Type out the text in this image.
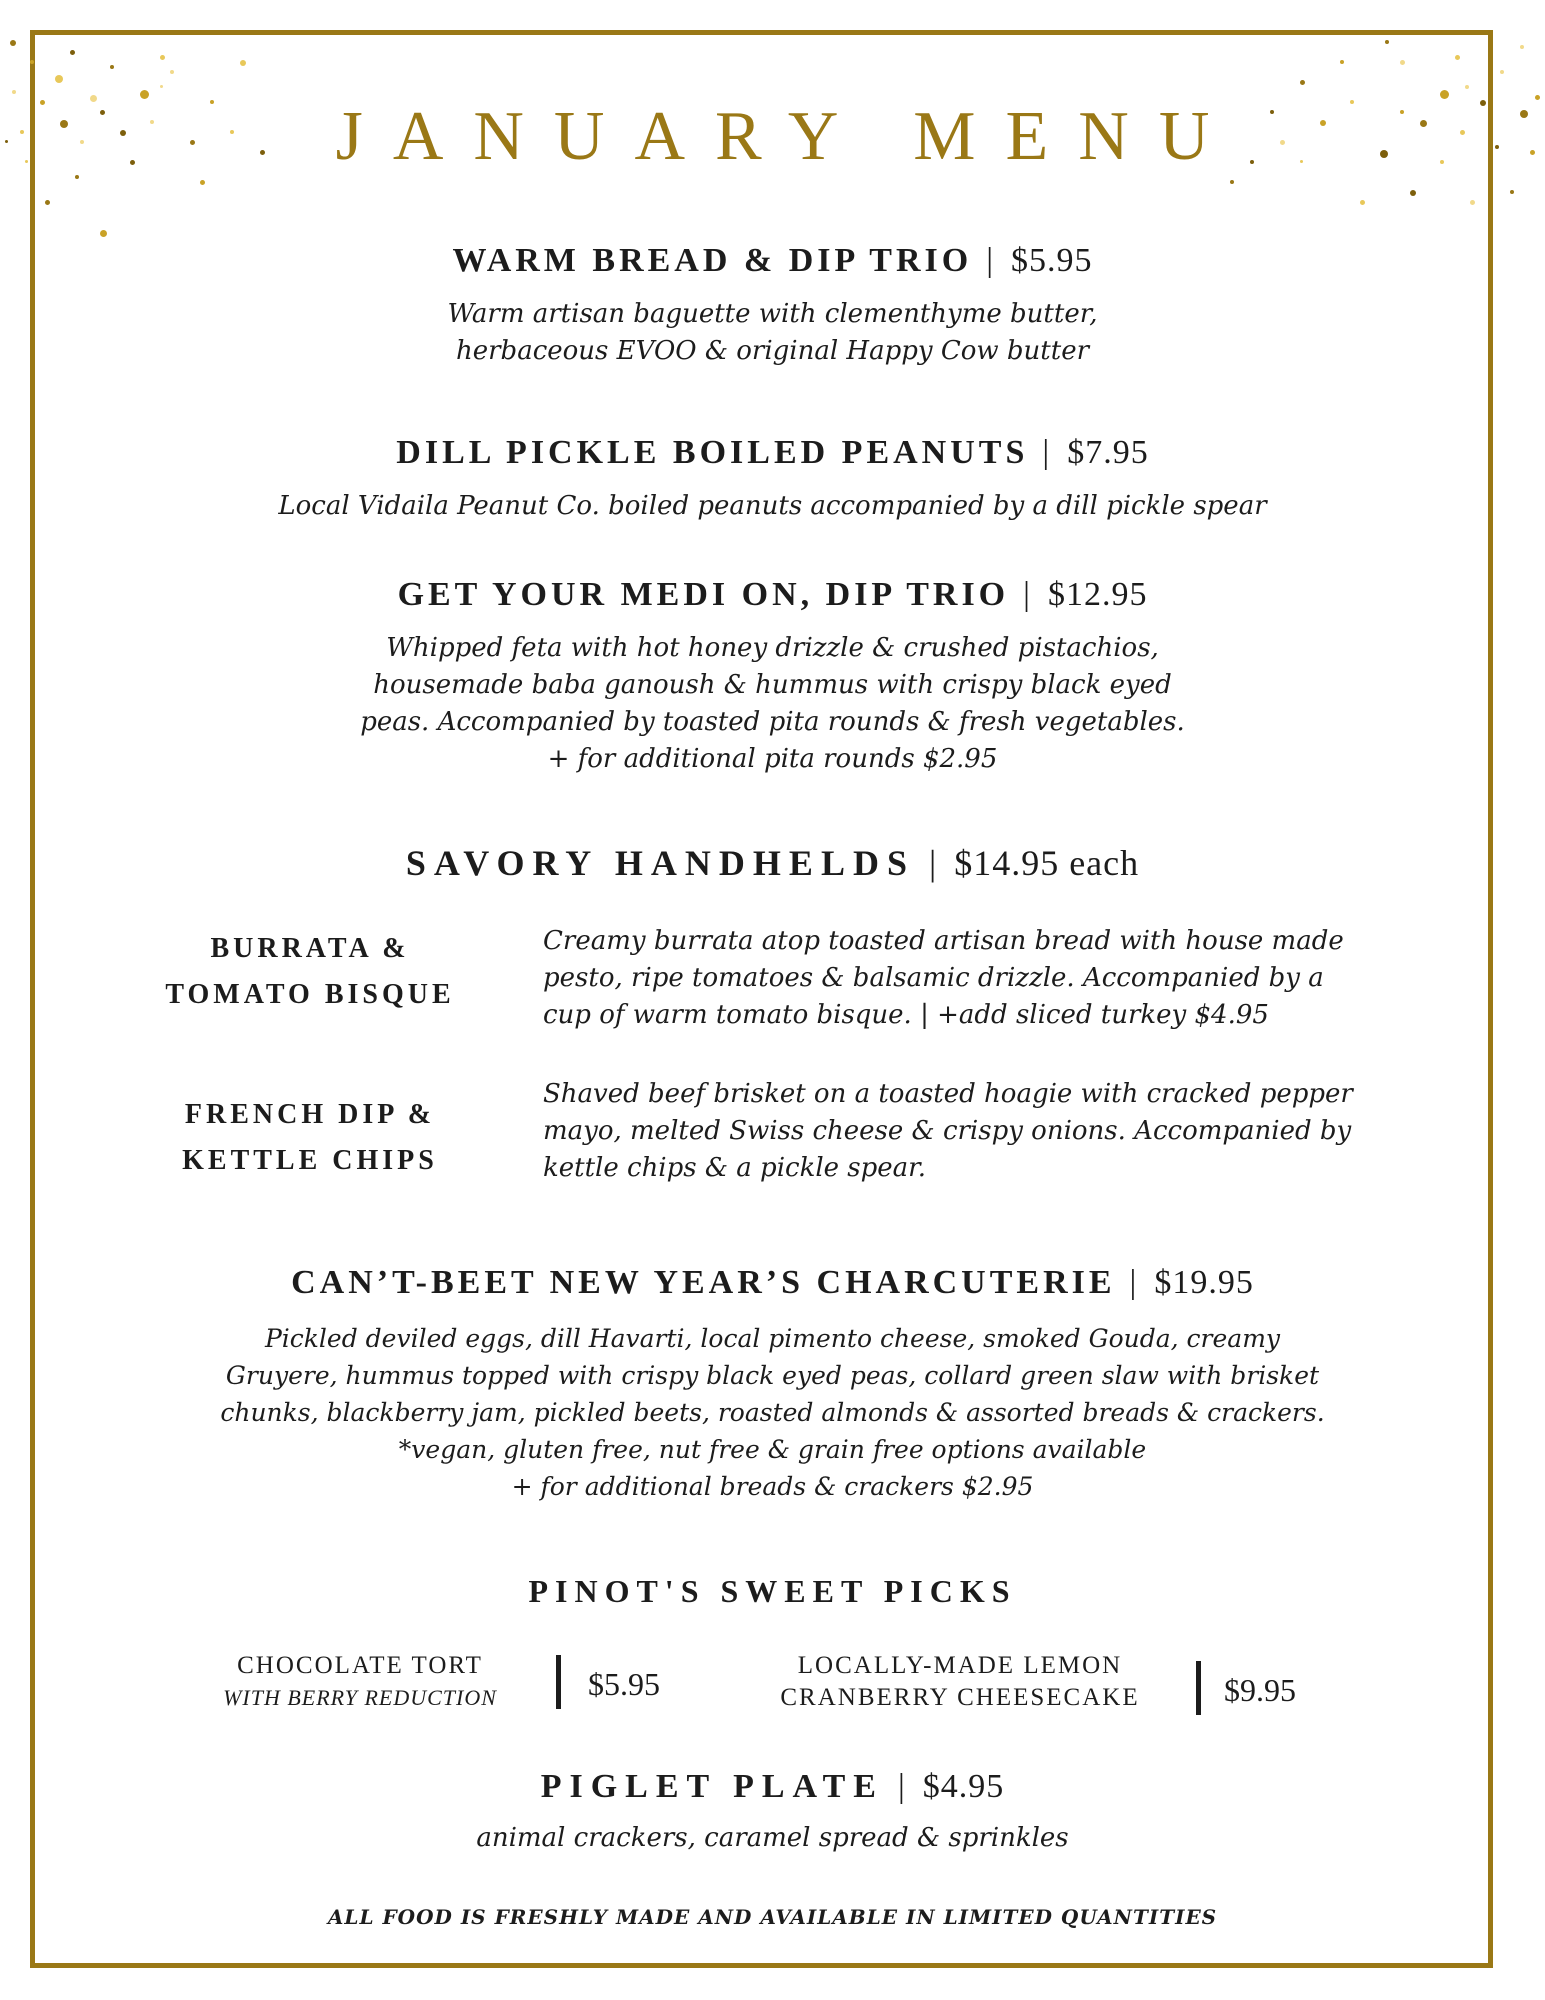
JANUARY MENU
WARM BREAD & DIP TRIO | $5.95
Warm artisan baguette with clementhyme butter,
herbaceous EVOO & original Happy Cow butter
DILL PICKLE BOILED PEANUTS | $7.95
Local Vidaila Peanut Co. boiled peanuts accompanied by a dill pickle spear
GET YOUR MEDI ON, DIP TRIO | $12.95
Whipped feta with hot honey drizzle & crushed pistachios,
housemade baba ganoush & hummus with crispy black eyed
peas. Accompanied by toasted pita rounds & fresh vegetables.
+ for additional pita rounds $2.95
SAVORY HANDHELDS | $14.95 each
BURRATA &
TOMATO BISQUE
Creamy burrata atop toasted artisan bread with house made
pesto, ripe tomatoes & balsamic drizzle. Accompanied by a
cup of warm tomato bisque. | +add sliced turkey $4.95
FRENCH DIP &
KETTLE CHIPS
Shaved beef brisket on a toasted hoagie with cracked pepper
mayo, melted Swiss cheese & crispy onions. Accompanied by
kettle chips & a pickle spear.
CAN’T-BEET NEW YEAR’S CHARCUTERIE | $19.95
Pickled deviled eggs, dill Havarti, local pimento cheese, smoked Gouda, creamy
Gruyere, hummus topped with crispy black eyed peas, collard green slaw with brisket
chunks, blackberry jam, pickled beets, roasted almonds & assorted breads & crackers.
*vegan, gluten free, nut free & grain free options available
+ for additional breads & crackers $2.95
PINOT'S SWEET PICKS
CHOCOLATE TORT
WITH BERRY REDUCTION	$5.95
LOCALLY-MADE LEMON
CRANBERRY CHEESECAKE	$9.95
PIGLET PLATE | $4.95
animal crackers, caramel spread & sprinkles
ALL FOOD IS FRESHLY MADE AND AVAILABLE IN LIMITED QUANTITIES
